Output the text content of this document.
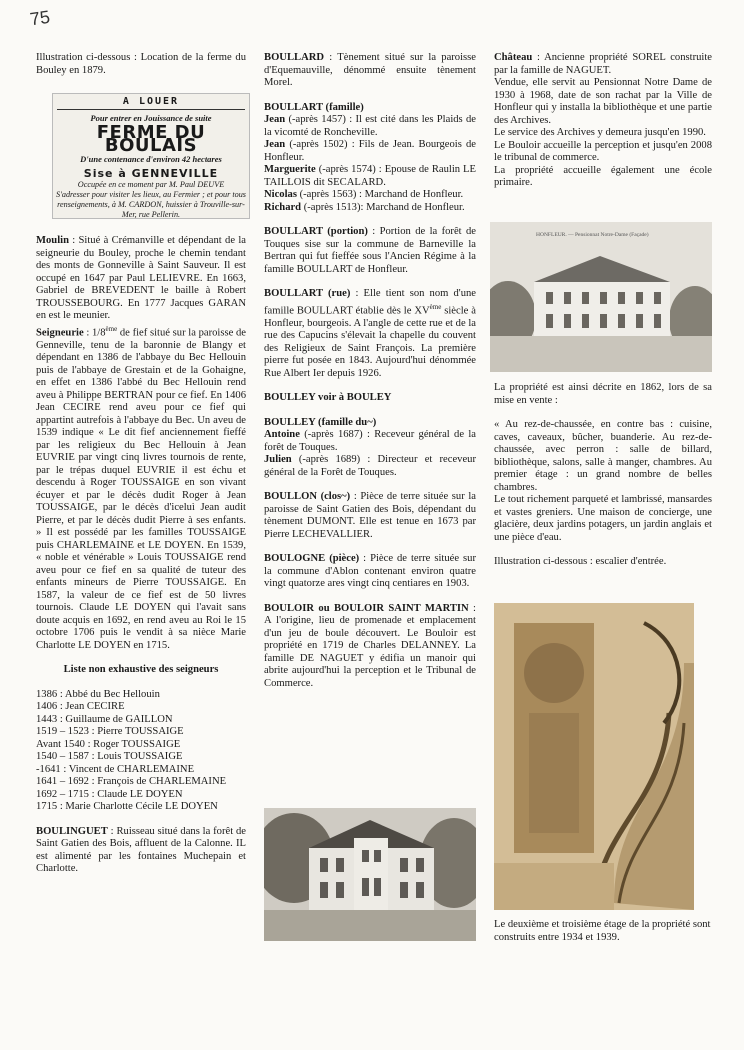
75

Illustration ci-dessous : Location de la ferme du Bouley en 1879.

A LOUER
Pour entrer en Jouissance de suite
FERME DU BOULAIS
D'une contenance d'environ 42 hectares
Sise à GENNEVILLE
Occupée en ce moment par M. Paul DEUVE
S'adresser pour visiter les lieux, au Fermier ; et pour tous renseignements, à M. CARDON, huissier à Trouville-sur-Mer, rue Pellerin.

Moulin : Situé à Crémanville et dépendant de la seigneurie du Bouley, proche le chemin tendant des monts de Gonneville à Saint Sauveur. Il est occupé en 1647 par Paul LELIEVRE. En 1663, Gabriel de BREVEDENT le baille à Robert TROUSSEBOURG. En 1777 Jacques GARAN en est le meunier.

Seigneurie : 1/8ème de fief situé sur la paroisse de Genneville, tenu de la baronnie de Blangy et dépendant en 1386 de l'abbaye du Bec Hellouin puis de l'abbaye de Grestain et de la Gohaigne, en effet en 1386 l'abbé du Bec Hellouin rend aveu à Philippe BERTRAN pour ce fief. En 1406 Jean CECIRE rend aveu pour ce fief qui appartint autrefois à l'abbaye du Bec. Un aveu de 1539 indique « Le dit fief anciennement fieffé par les religieux du Bec Hellouin à Jean EUVRIE par vingt cinq livres tournois de rente, par le trépas duquel EUVRIE il est échu et descendu à Roger TOUSSAIGE en son vivant écuyer et par le décès dudit Roger à Jean TOUSSAIGE, par le décès d'iceluì Jean audit Pierre, et par le décès dudit Pierre à ses enfants. » Il est possédé par les familles TOUSSAIGE puis CHARLEMAINE et LE DOYEN. En 1539, « noble et vénérable » Louis TOUSSAIGE rend aveu pour ce fief en sa qualité de tuteur des enfants mineurs de Pierre TOUSSAIGE. En 1587, la valeur de ce fief est de 50 livres tournois. Claude LE DOYEN qui l'avait sans doute acquis en 1692, en rend aveu au Roi le 15 octobre 1706 puis le vendit à sa nièce Marie Charlotte LE DOYEN en 1715.

Liste non exhaustive des seigneurs

1386 : Abbé du Bec Hellouin

1406 : Jean CECIRE

1443 : Guillaume de GAILLON

1519 – 1523 : Pierre TOUSSAIGE

Avant 1540 : Roger TOUSSAIGE

1540 – 1587 : Louis TOUSSAIGE

-1641 : Vincent de CHARLEMAINE

1641 – 1692 : François de CHARLEMAINE

1692 – 1715 : Claude LE DOYEN

1715 : Marie Charlotte Cécile LE DOYEN

BOULINGUET : Ruisseau situé dans la forêt de Saint Gatien des Bois, affluent de la Calonne. IL est alimenté par les fontaines Muchepain et Charlotte.

BOULLARD : Tènement situé sur la paroisse d'Equemauville, dénommé ensuite tènement Morel.

BOULLART (famille)

Jean (-après 1457) : Il est cité dans les Plaids de la vicomté de Roncheville.

Jean (-après 1502) : Fils de Jean. Bourgeois de Honfleur.

Marguerite (-après 1574) : Epouse de Raulin LE TAILLOIS dit SECALARD.

Nicolas (-après 1563) : Marchand de Honfleur.

Richard (-après 1513): Marchand de Honfleur.

BOULLART (portion) : Portion de la forêt de Touques sise sur la commune de Barneville la Bertran qui fut fieffée sous l'Ancien Régime à la famille BOULLART de Honfleur.

BOULLART (rue) : Elle tient son nom d'une famille BOULLART établie dès le XVème siècle à Honfleur, bourgeois. A l'angle de cette rue et de la rue des Capucins s'élevait la chapelle du couvent des Religieux de Saint François. La première pierre fut posée en 1843. Aujourd'hui dénommée Rue Albert Ier depuis 1926.

BOULLEY voir à BOULEY

BOULLEY (famille du~)

Antoine (-après 1687) : Receveur général de la forêt de Touques.

Julien (-après 1689) : Directeur et receveur général de la Forêt de Touques.

BOULLON (clos~) : Pièce de terre située sur la paroisse de Saint Gatien des Bois, dépendant du tènement DUMONT. Elle est tenue en 1673 par Pierre LECHEVALLIER.

BOULOGNE (pièce) : Pièce de terre située sur la commune d'Ablon contenant environ quatre vingt quatorze ares vingt cinq centiares en 1903.

BOULOIR ou BOULOIR SAINT MARTIN : A l'origine, lieu de promenade et emplacement d'un jeu de boule découvert. Le Bouloir est propriété en 1719 de Charles DELANNEY. La famille DE NAGUET y édifia un manoir qui abrite aujourd'hui la perception et le Tribunal de Commerce.

Château : Ancienne propriété SOREL construite par la famille de NAGUET.

Vendue, elle servit au Pensionnat Notre Dame de 1930 à 1968, date de son rachat par la Ville de Honfleur qui y installa la bibliothèque et une partie des Archives.

Le service des Archives y demeura jusqu'en 1990.

Le Bouloir accueille la perception et jusqu'en 2008 le tribunal de commerce.

La propriété accueille également une école primaire.

HONFLEUR. — Pensionnat Notre-Dame (Façade)

La propriété est ainsi décrite en 1862, lors de sa mise en vente :

« Au rez-de-chaussée, en contre bas : cuisine, caves, caveaux, bûcher, buanderie. Au rez-de-chaussée, avec perron : salle de billard, bibliothèque, salons, salle à manger, chambres. Au premier étage : un grand nombre de belles chambres.

Le tout richement parqueté et lambrissé, mansardes et vastes greniers. Une maison de concierge, une glacière, deux jardins potagers, un jardin anglais et une pièce d'eau.

Illustration ci-dessous : escalier d'entrée.

Le deuxième et troisième étage de la propriété sont construits entre 1934 et 1939.
